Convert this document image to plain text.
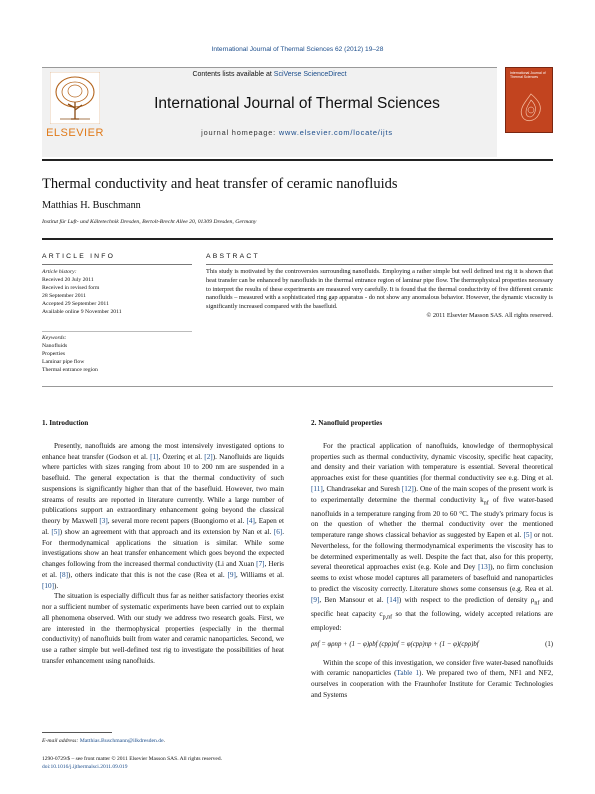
International Journal of Thermal Sciences 62 (2012) 19–28
ELSEVIER
Contents lists available at SciVerse ScienceDirect
International Journal of Thermal Sciences
journal homepage: www.elsevier.com/locate/ijts
International Journal of Thermal Sciences
Thermal conductivity and heat transfer of ceramic nanofluids
Matthias H. Buschmann
Institut für Luft- und Kältetechnik Dresden, Bertolt-Brecht Allee 20, 01309 Dresden, Germany
ARTICLE INFO	ABSTRACT
Article history:
Received 20 July 2011
Received in revised form
28 September 2011
Accepted 29 September 2011
Available online 9 November 2011
Keywords:
Nanofluids
Properties
Laminar pipe flow
Thermal entrance region
This study is motivated by the controversies surrounding nanofluids. Employing a rather simple but well defined test rig it is shown that heat transfer can be enhanced by nanofluids in the thermal entrance region of laminar pipe flow. The thermophysical properties necessary to interpret the results of these experiments are measured very carefully. It is found that the thermal conductivity of five different ceramic nanofluids – measured with a sophisticated ring gap apparatus - do not show any anomalous behavior. However, the dynamic viscosity is significantly increased compared with the basefluid.
© 2011 Elsevier Masson SAS. All rights reserved.
1. Introduction

Presently, nanofluids are among the most intensively investigated options to enhance heat transfer (Godson et al. [1], Özerinç et al. [2]). Nanofluids are liquids where particles with sizes ranging from about 10 to 200 nm are suspended in a basefluid. The general expectation is that the thermal conductivity of such suspensions is significantly higher than that of the basefluid. However, two main streams of results are reported in literature currently. While a large number of publications support an extraordinary enhancement going beyond the classical theory by Maxwell [3], several more recent papers (Buongiorno et al. [4], Eapen et al. [5]) show an agreement with that approach and its extension by Nan et al. [6]. For thermodynamical applications the situation is similar. While some investigations show an heat transfer enhancement which goes beyond the expected changes following from the increased thermal conductivity (Li and Xuan [7], Heris et al. [8]), others indicate that this is not the case (Rea et al. [9], Williams et al. [10]).

The situation is especially difficult thus far as neither satisfactory theories exist nor a sufficient number of systematic experiments have been carried out to explain all phenomena observed. With our study we address two research goals. First, we are interested in the thermophysical properties (especially in the thermal conductivity) of nanofluids built from water and ceramic nanoparticles. Second, we use a rather simple but well-defined test rig to investigate the possibilities of heat transfer enhancement using nanofluids.

2. Nanofluid properties

For the practical application of nanofluids, knowledge of thermophysical properties such as thermal conductivity, dynamic viscosity, specific heat capacity, and density and their variation with temperature is essential. Several theoretical approaches exist for these quantities (for thermal conductivity see e.g. Ding et al. [11], Chandrasekar and Suresh [12]). One of the main scopes of the present work is to experimentally determine the thermal conductivity $k_{nf}$ of five water-based nanofluids in a temperature ranging from 20 to 60 °C. The study's primary focus is on the question of whether the thermal conductivity over the mentioned temperature range shows classical behavior as suggested by Eapen et al. [5] or not. Nevertheless, for the following thermodynamical experiments the viscosity has to be determined experimentally as well. Despite the fact that, also for this property, several theoretical approaches exist (e.g. Kole and Dey [13]), no firm conclusion seems to exist whose model captures all parameters of basefluid and nanoparticles to predict the viscosity correctly. Literature shows some consensus (e.g. Rea et al. [9], Ben Mansour et al. [14]) with respect to the prediction of density $\rho_{nf}$ and specific heat capacity $c_{p,nf}$ so that the following, widely accepted relations are employed:

ρnf = φρnp + (1 − φ)ρbf (cpρ)nf = φ(cpρ)np + (1 − φ)(cpρ)bf	(1)

Within the scope of this investigation, we consider five water-based nanofluids with ceramic nanoparticles (Table 1). We prepared two of them, NF1 and NF2, ourselves in cooperation with the Fraunhofer Institute for Ceramic Technologies and Systems

E-mail address: Matthias.Buschmann@ilkdresden.de.
1290-0729/$ – see front matter © 2011 Elsevier Masson SAS. All rights reserved.
doi:10.1016/j.ijthermalsci.2011.09.019
